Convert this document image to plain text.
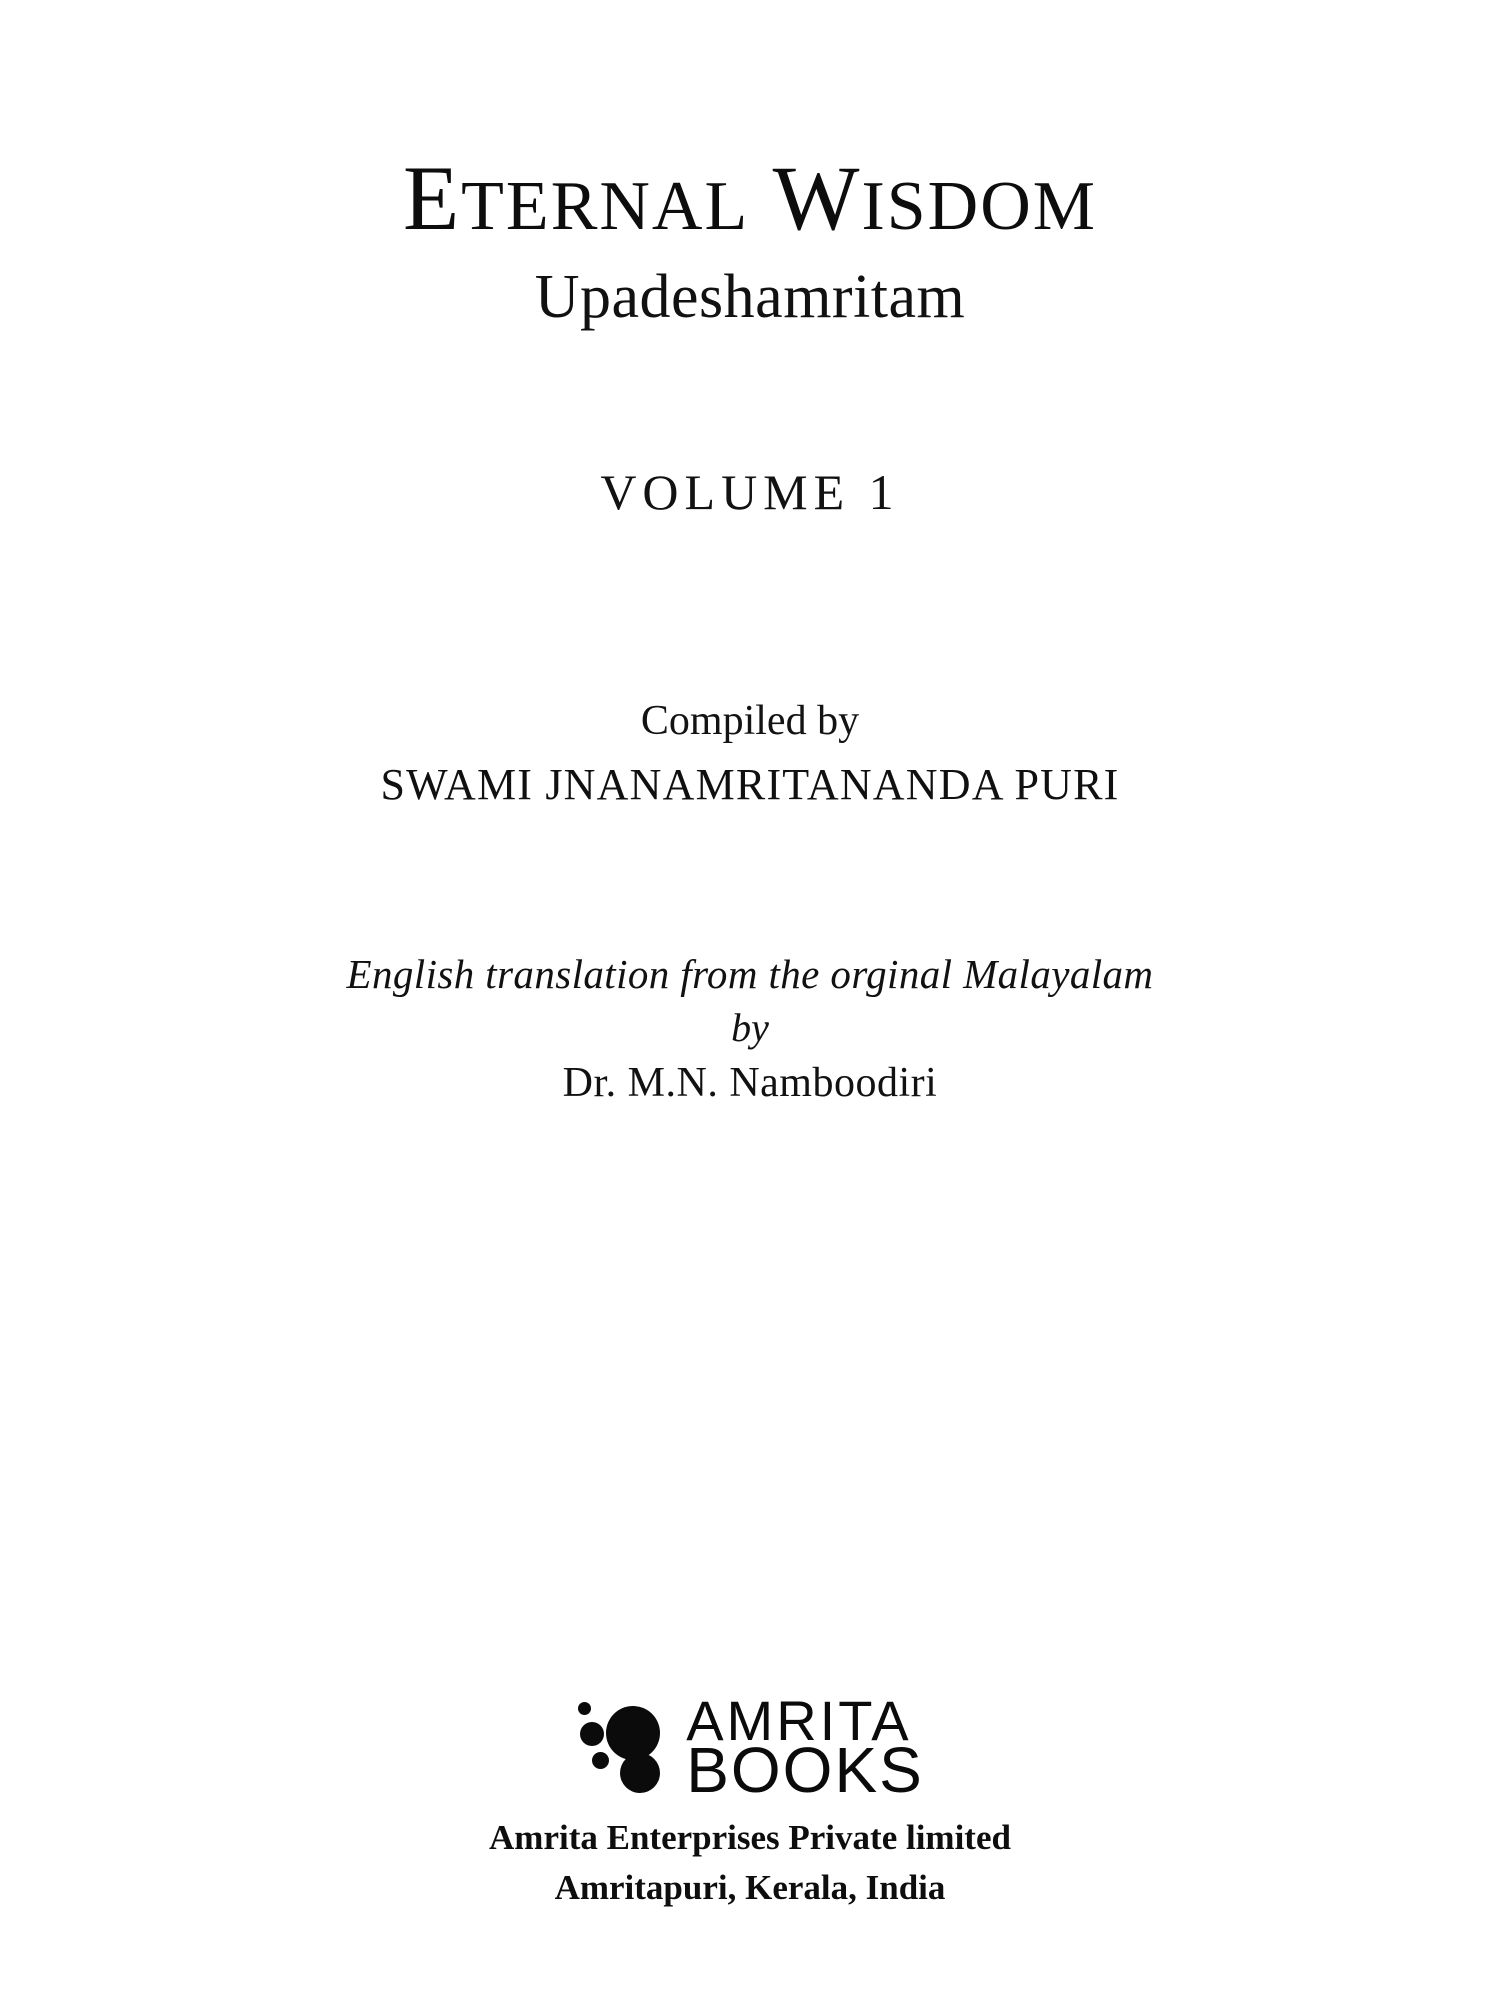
ETERNAL WISDOM
Upadeshamritam
VOLUME 1
Compiled by
SWAMI JNANAMRITANANDA PURI
English translation from the orginal Malayalam
by
Dr. M.N. Namboodiri
AMRITA
BOOKS
Amrita Enterprises Private limited
Amritapuri, Kerala, India
